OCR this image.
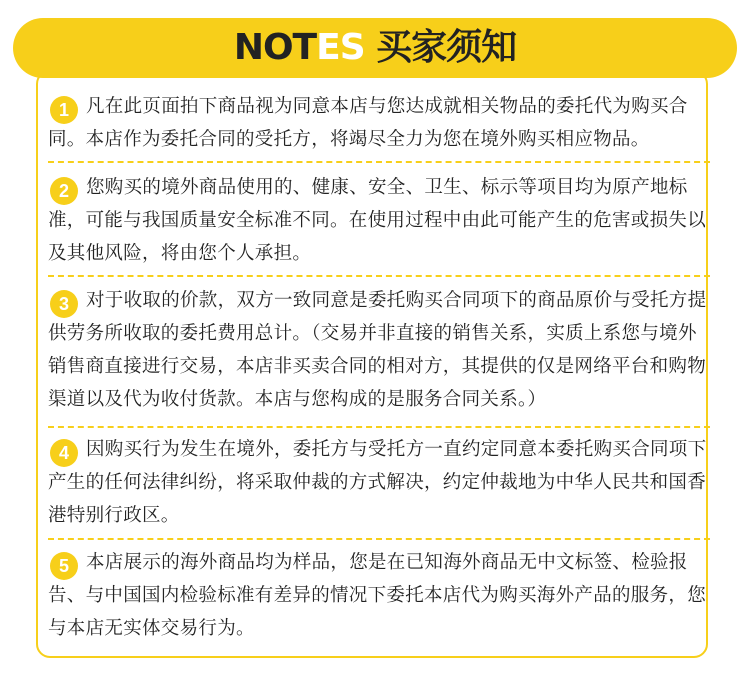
NOTES 买家须知
1 凡在此页面拍下商品视为同意本店与您达成就相关物品的委托代为购买合同。本店作为委托合同的受托方，将竭尽全力为您在境外购买相应物品。
2 您购买的境外商品使用的、健康、安全、卫生、标示等项目均为原产地标准，可能与我国质量安全标准不同。在使用过程中由此可能产生的危害或损失以及其他风险，将由您个人承担。
3 对于收取的价款，双方一致同意是委托购买合同项下的商品原价与受托方提供劳务所收取的委托费用总计。（交易并非直接的销售关系，实质上系您与境外销售商直接进行交易，本店非买卖合同的相对方，其提供的仅是网络平台和购物渠道以及代为收付货款。本店与您构成的是服务合同关系。）
4 因购买行为发生在境外，委托方与受托方一直约定同意本委托购买合同项下产生的任何法律纠纷，将采取仲裁的方式解决，约定仲裁地为中华人民共和国香港特别行政区。
5 本店展示的海外商品均为样品，您是在已知海外商品无中文标签、检验报告、与中国国内检验标准有差异的情况下委托本店代为购买海外产品的服务，您与本店无实体交易行为。
